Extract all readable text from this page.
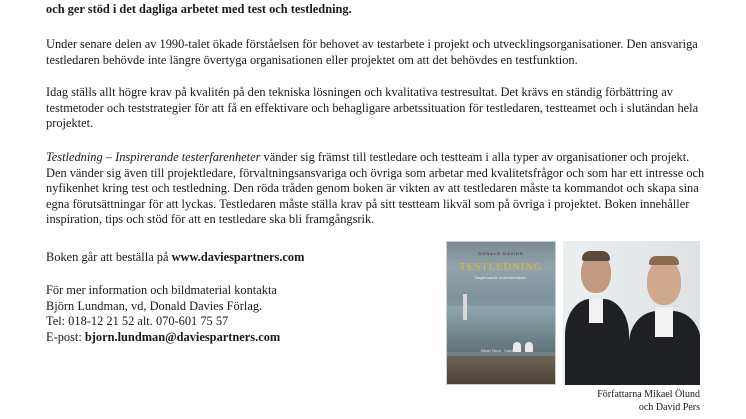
och ger stöd i det dagliga arbetet med test och testledning.

Under senare delen av 1990-talet ökade förståelsen för behovet av testarbete i projekt och utvecklingsorganisationer. Den ansvariga testledaren behövde inte längre övertyga organisationen eller projektet om att det behövdes en testfunktion.

Idag ställs allt högre krav på kvalitén på den tekniska lösningen och kvalitativa testresultat. Det krävs en ständig förbättring av testmetoder och teststrategier för att få en effektivare och behagligare arbetssituation för testledaren, testteamet och i slutändan hela projektet.

Testledning – Inspirerande testerfarenheter vänder sig främst till testledare och testteam i alla typer av organisationer och projekt. Den vänder sig även till projektledare, förvaltningsansvariga och övriga som arbetar med kvalitetsfrågor och som har ett intresse och nyfikenhet kring test och testledning. Den röda tråden genom boken är vikten av att testledaren måste ta kommandot och skapa sina egna förutsättningar för att lyckas. Testledaren måste ställa krav på sitt testteam likväl som på övriga i projektet. Boken innehåller inspiration, tips och stöd för att en testledare ska bli framgångsrik.

Boken går att beställa på www.daviespartners.com

För mer information och bildmaterial kontakta
Björn Lundman, vd, Donald Davies Förlag.
Tel: 018-12 21 52 alt. 070-601 75 57
E-post: bjorn.lundman@daviespartners.com

DONALD DAVIES
TESTLEDNING
Inspirerande testerfarenheter
Mikael Ölund · David Pers
Författarna Mikael Ölund
och David Pers
